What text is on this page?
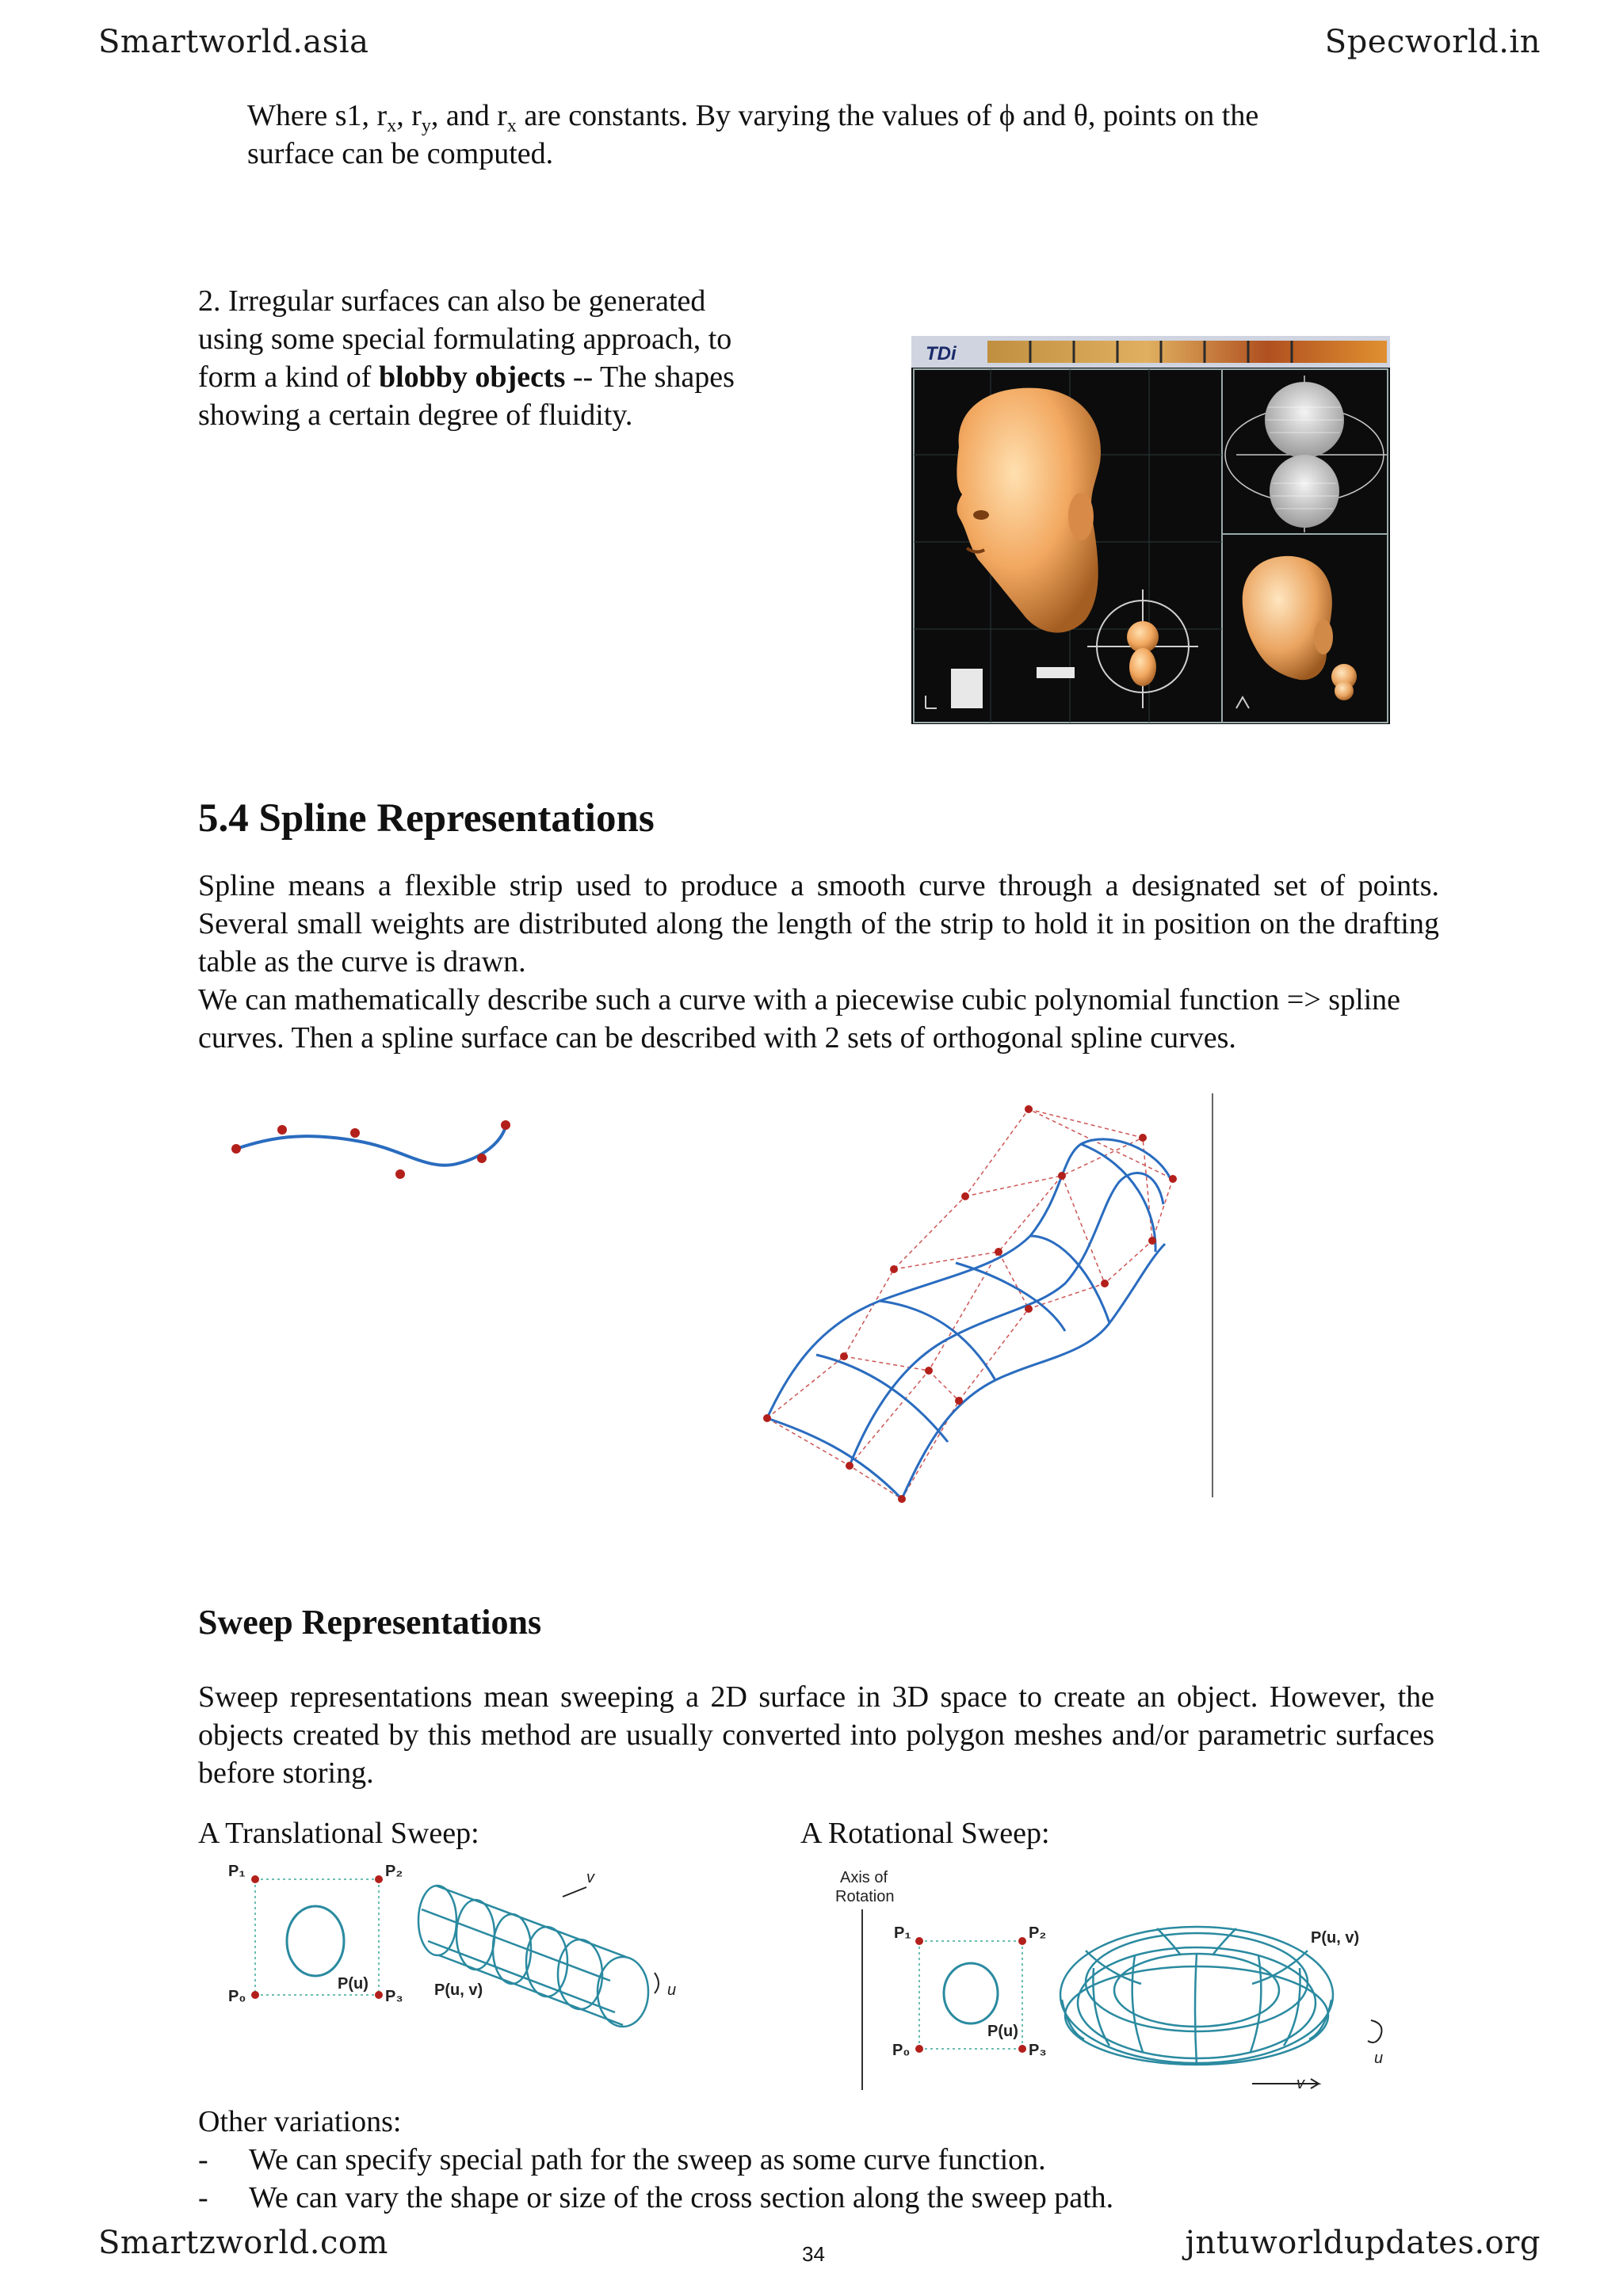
Smartworld.asia	Specworld.in
Where s1, $r_x$, $r_y$, and $r_x$ are constants. By varying the values of ϕ and θ, points on the
surface can be computed.
2. Irregular surfaces can also be generated using some special formulating approach, to form a kind of blobby objects -- The shapes showing a certain degree of fluidity.
TDi
5.4 Spline Representations
Spline means a flexible strip used to produce a smooth curve through a designated set of points. Several small weights are distributed along the length of the strip to hold it in position on the drafting table as the curve is drawn.
We can mathematically describe such a curve with a piecewise cubic polynomial function => spline curves. Then a spline surface can be described with 2 sets of orthogonal spline curves.
Sweep Representations
Sweep representations mean sweeping a 2D surface in 3D space to create an object. However, the objects created by this method are usually converted into polygon meshes and/or parametric surfaces before storing.
A Translational Sweep:	A Rotational Sweep:
P₁	P₂
P₀	P₃
P(u)	P(u, v)
v
u
Axis of
Rotation
P₁	P₂
P₀	P₃
P(u)
P(u, v)
u
v
Other variations:
-	We can specify special path for the sweep as some curve function.
-	We can vary the shape or size of the cross section along the sweep path.
Smartzworld.com	34	jntuworldupdates.org
